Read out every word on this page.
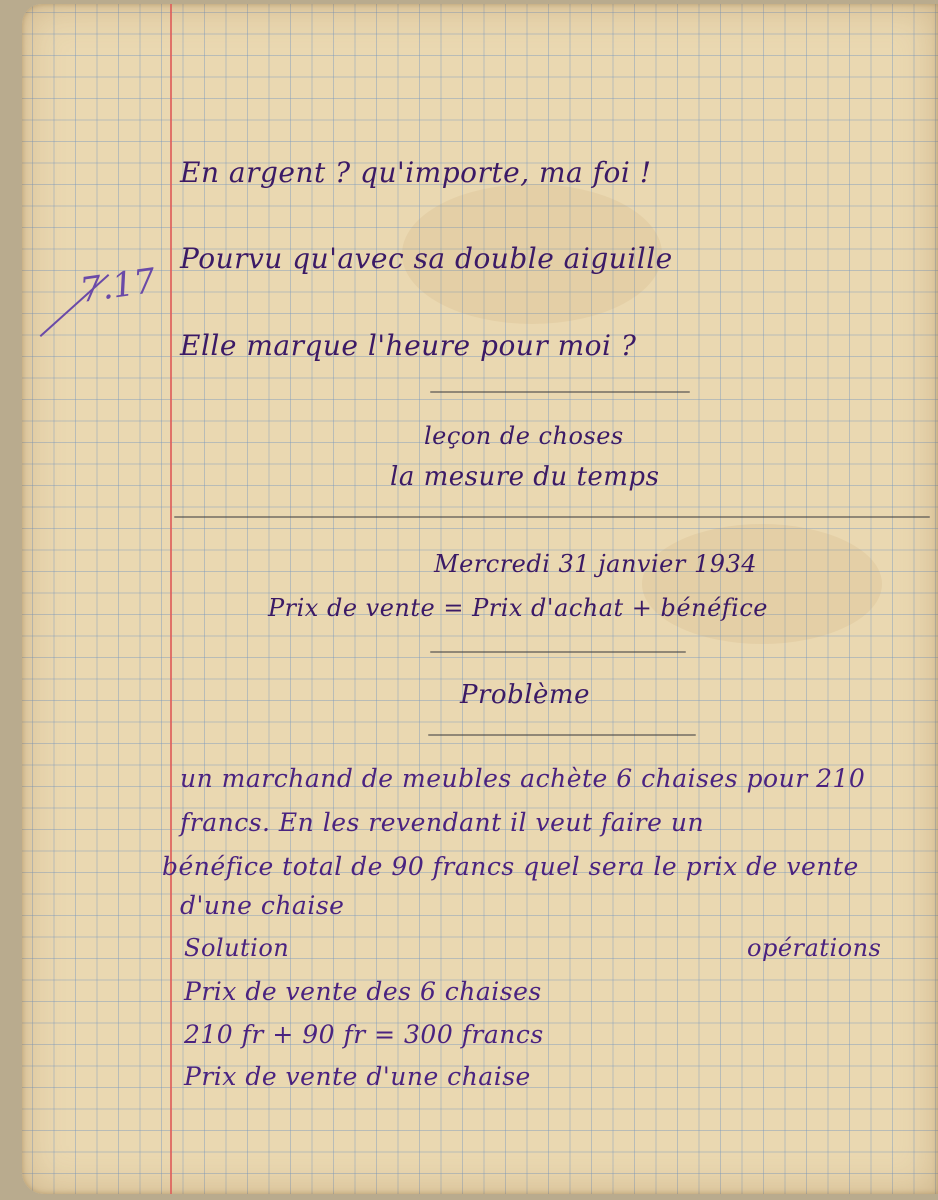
7.17
En argent ? qu'importe, ma foi !
Pourvu qu'avec sa double aiguille
Elle marque l'heure pour moi ?
leçon de choses
la mesure du temps
Mercredi 31 janvier 1934
Prix de vente = Prix d'achat + bénéfice
Problème
un marchand de meubles achète 6 chaises pour 210
francs. En les revendant il veut faire un
bénéfice total de 90 francs quel sera le prix de vente
d'une chaise
Solution	opérations
Prix de vente des 6 chaises
210 fr + 90 fr = 300 francs
Prix de vente d'une chaise
